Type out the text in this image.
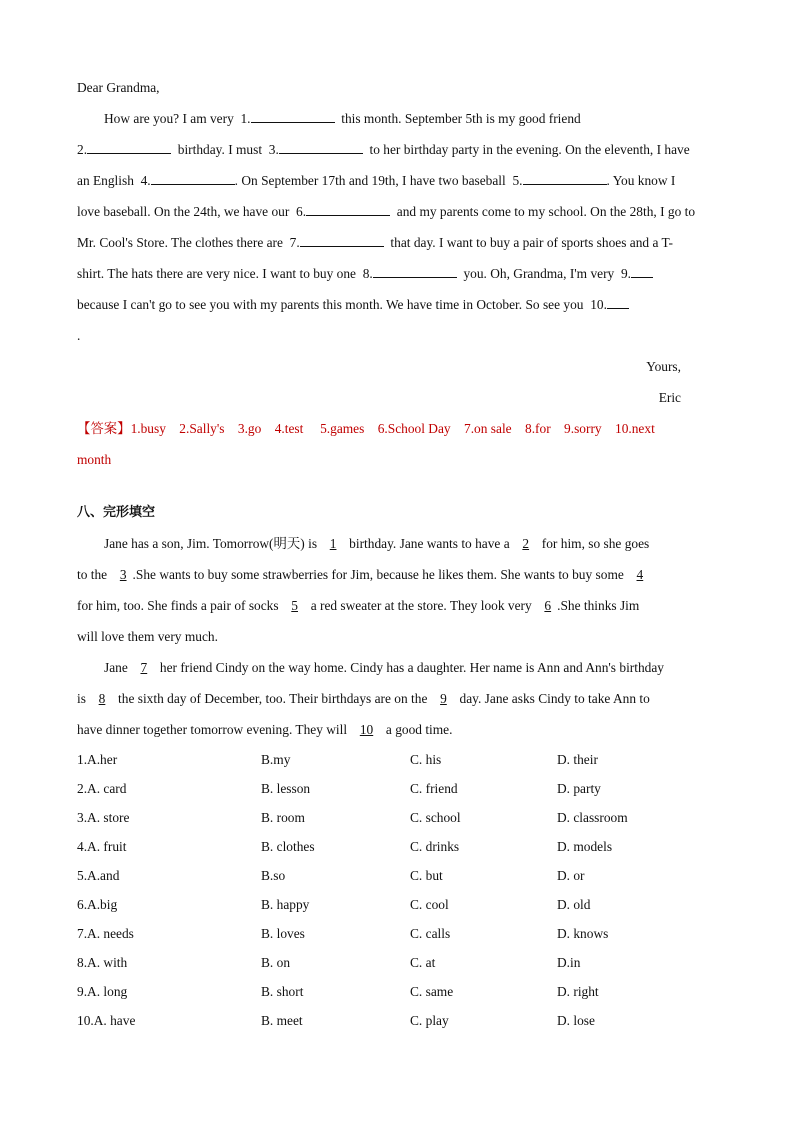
Dear Grandma,
How are you? I am very 1.	this month. September 5th is my good friend
2.	birthday. I must 3.	to her birthday party in the evening. On the eleventh, I have
an English 4.	. On September 17th and 19th, I have two baseball 5.	. You know I
love baseball. On the 24th, we have our 6.	and my parents come to my school. On the 28th, I go to
Mr. Cool's Store. The clothes there are 7.	that day. I want to buy a pair of sports shoes and a T-
shirt. The hats there are very nice. I want to buy one 8.	you. Oh, Grandma, I'm very 9.
because I can't go to see you with my parents this month. We have time in October. So see you 10.
.
Yours,
Eric
【答案】1.busy    2.Sally's    3.go    4.test     5.games    6.School Day    7.on sale    8.for    9.sorry    10.next
month
八、完形填空
Jane has a son, Jim. Tomorrow(明天) is 1 birthday. Jane wants to have a 2 for him, so she goes
to the 3 .She wants to buy some strawberries for Jim, because he likes them. She wants to buy some 4
for him, too. She finds a pair of socks 5 a red sweater at the store. They look very 6 .She thinks Jim
will love them very much.
Jane 7 her friend Cindy on the way home. Cindy has a daughter. Her name is Ann and Ann's birthday
is 8 the sixth day of December, too. Their birthdays are on the 9 day. Jane asks Cindy to take Ann to
have dinner together tomorrow evening. They will 10 a good time.
1.A.her	B.my	C. his	D. their
2.A. card	B. lesson	C. friend	D. party
3.A. store	B. room	C. school	D. classroom
4.A. fruit	B. clothes	C. drinks	D. models
5.A.and	B.so	C. but	D. or
6.A.big	B. happy	C. cool	D. old
7.A. needs	B. loves	C. calls	D. knows
8.A. with	B. on	C. at	D.in
9.A. long	B. short	C. same	D. right
10.A. have	B. meet	C. play	D. lose
